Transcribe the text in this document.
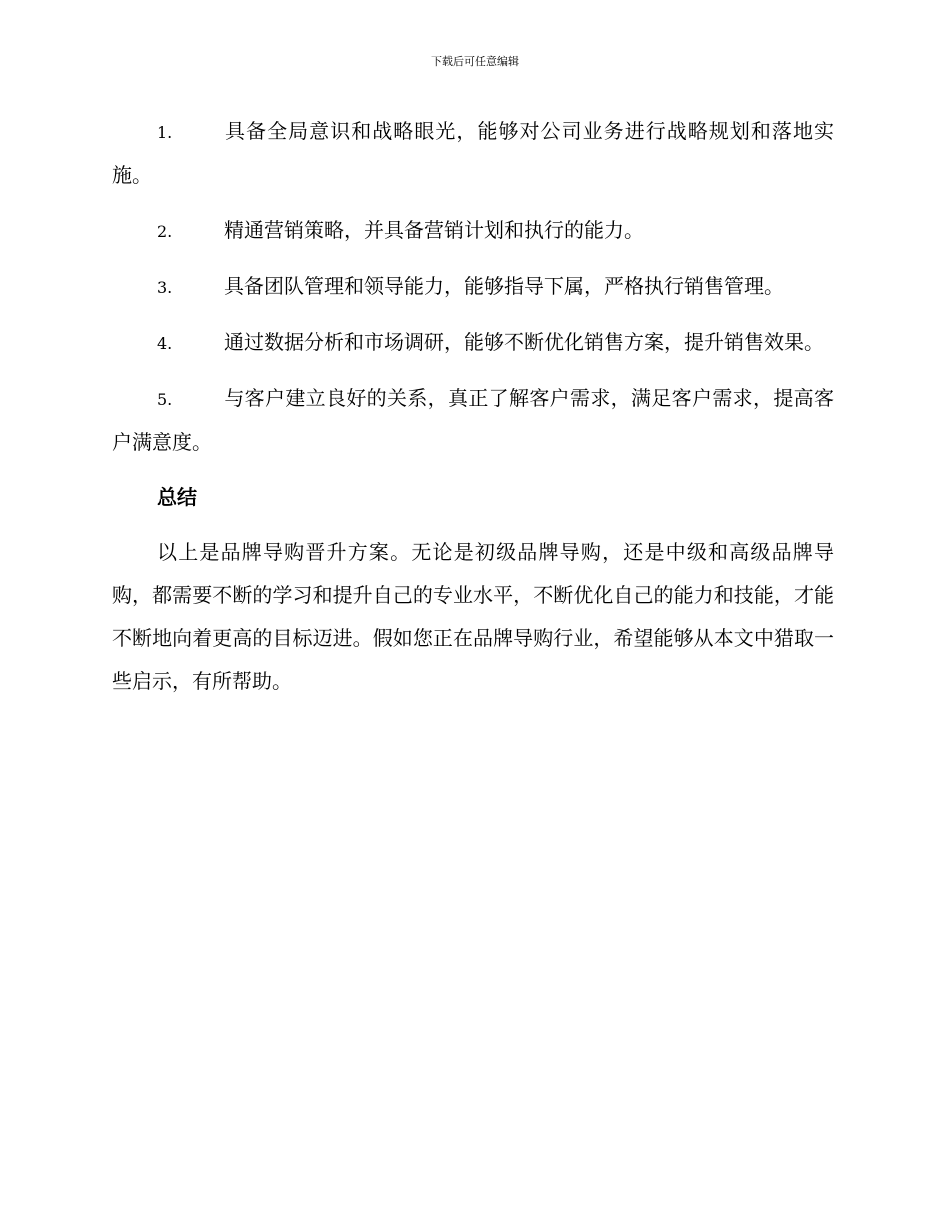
下载后可任意编辑

1.	具备全局意识和战略眼光，能够对公司业务进行战略规划和落地实施。

2.	精通营销策略，并具备营销计划和执行的能力。

3.	具备团队管理和领导能力，能够指导下属，严格执行销售管理。

4.	通过数据分析和市场调研，能够不断优化销售方案，提升销售效果。

5.	与客户建立良好的关系，真正了解客户需求，满足客户需求，提高客户满意度。

总结

以上是品牌导购晋升方案。无论是初级品牌导购，还是中级和高级品牌导购，都需要不断的学习和提升自己的专业水平，不断优化自己的能力和技能，才能不断地向着更高的目标迈进。假如您正在品牌导购行业，希望能够从本文中猎取一些启示，有所帮助。
